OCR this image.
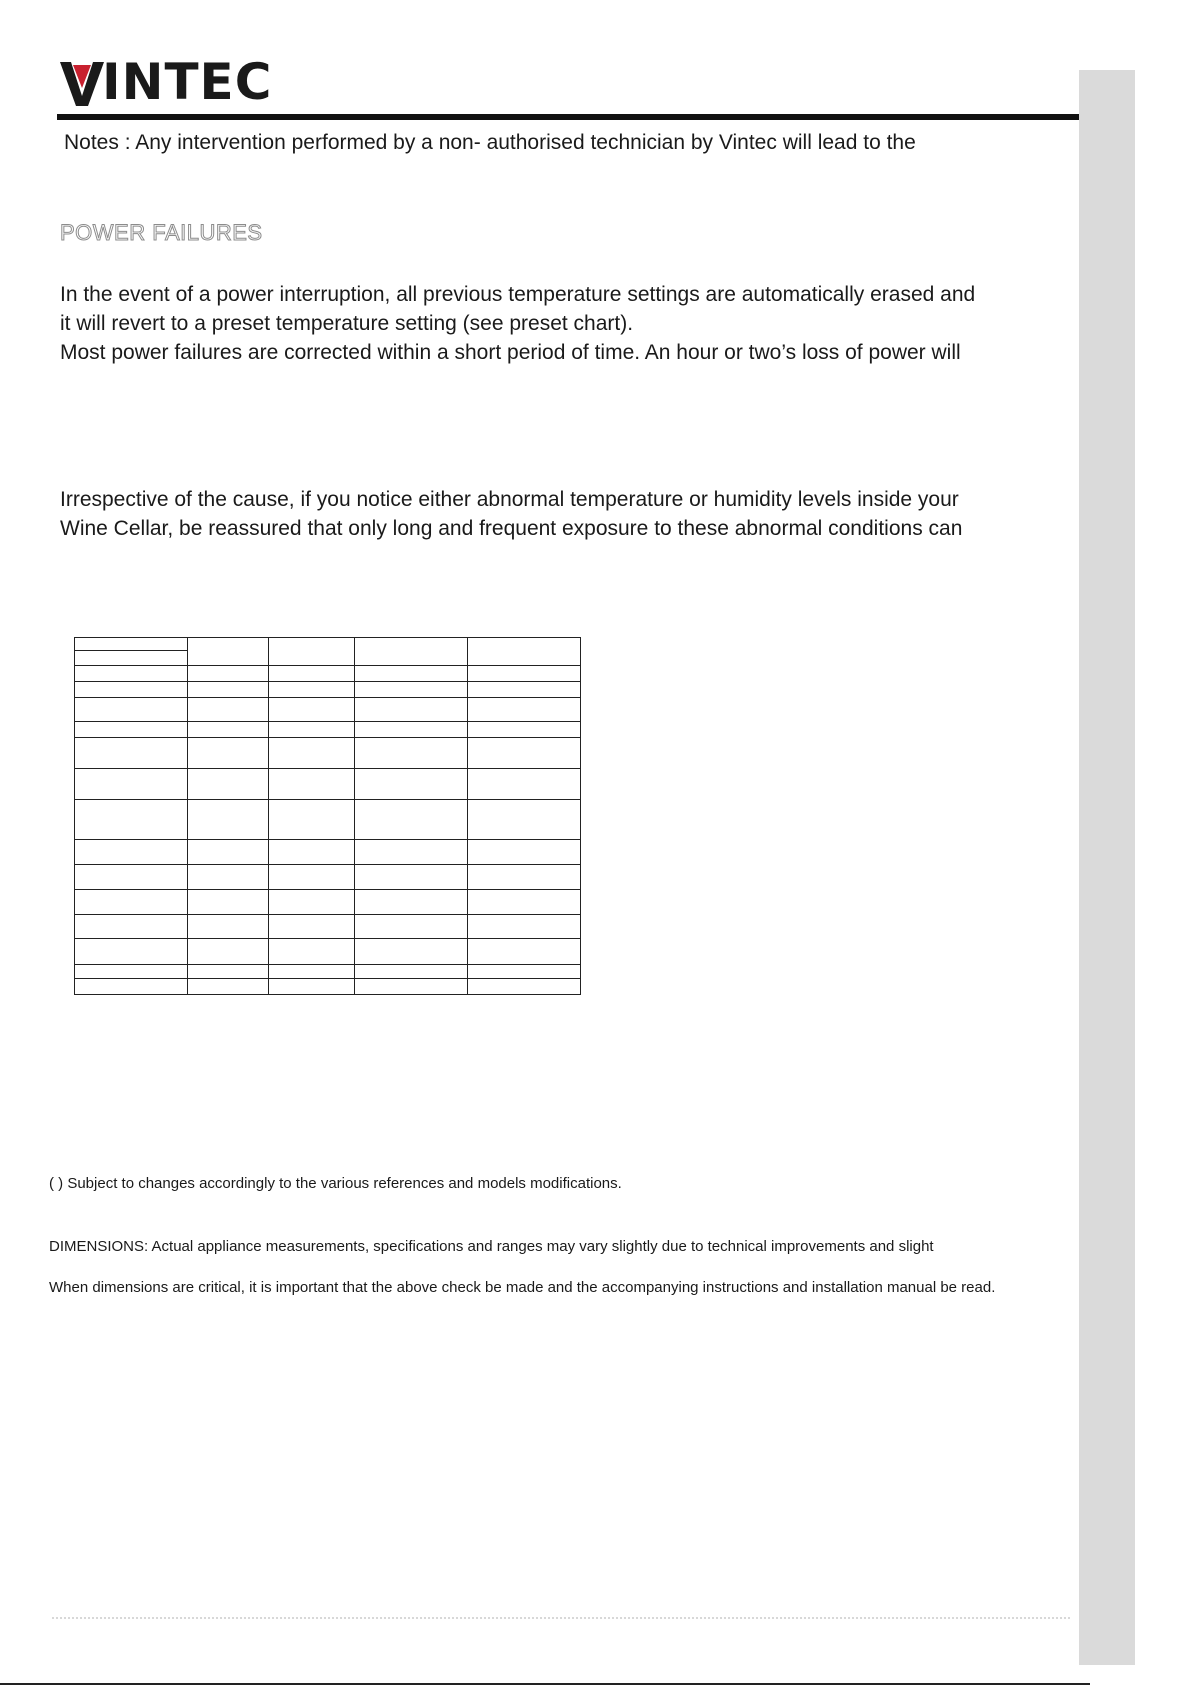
INTEC

Notes : Any intervention performed by a non- authorised technician by Vintec will lead to the

POWER FAILURES

In the event of a power interruption, all previous temperature settings are automatically erased and
it will revert to a preset temperature setting (see preset chart).
Most power failures are corrected within a short period of time. An hour or two’s loss of power will

Irrespective of the cause, if you notice either abnormal temperature or humidity levels inside your
Wine Cellar, be reassured that only long and frequent exposure to these abnormal conditions can

( ) Subject to changes accordingly to the various references and models modifications.

DIMENSIONS: Actual appliance measurements, specifications and ranges may vary slightly due to technical improvements and slight

When dimensions are critical, it is important that the above check be made and the accompanying instructions and installation manual be read.
